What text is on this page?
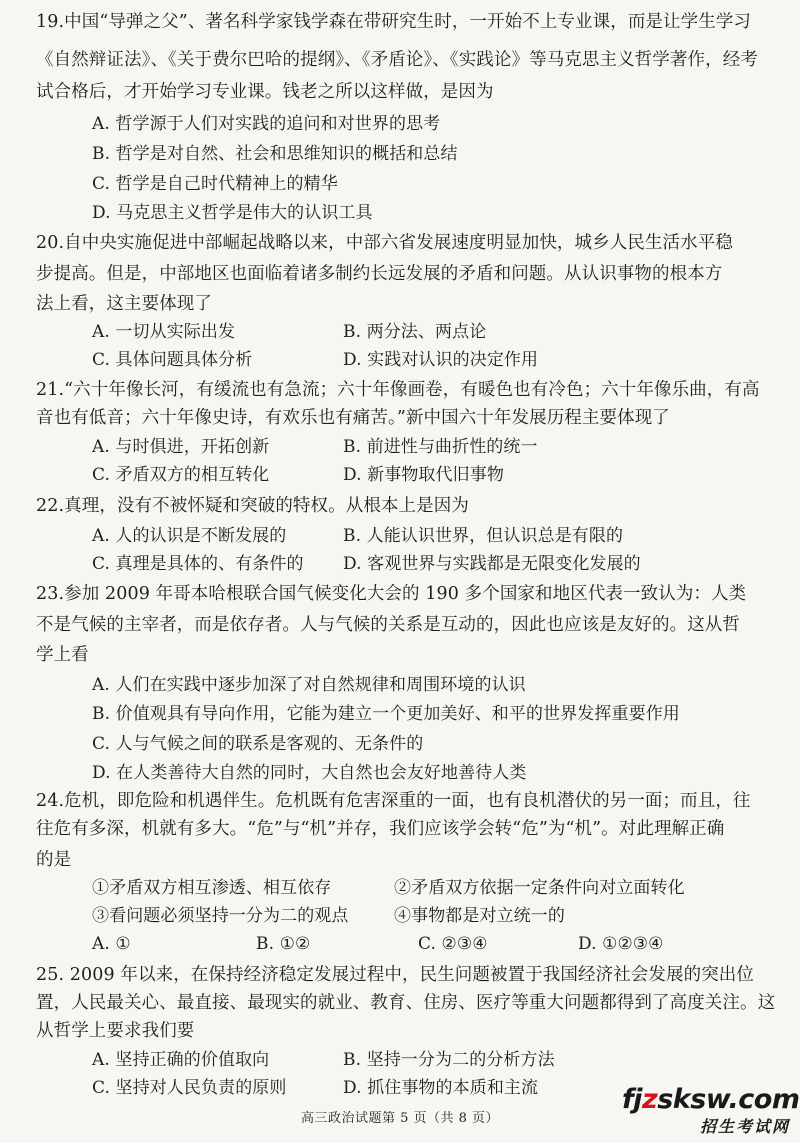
19.中国“导弹之父”、著名科学家钱学森在带研究生时，一开始不上专业课，而是让学生学习
《自然辩证法》、《关于费尔巴哈的提纲》、《矛盾论》、《实践论》等马克思主义哲学著作，经考
试合格后，才开始学习专业课。钱老之所以这样做，是因为
A. 哲学源于人们对实践的追问和对世界的思考
B. 哲学是对自然、社会和思维知识的概括和总结
C. 哲学是自己时代精神上的精华
D. 马克思主义哲学是伟大的认识工具
20.自中央实施促进中部崛起战略以来，中部六省发展速度明显加快，城乡人民生活水平稳
步提高。但是，中部地区也面临着诸多制约长远发展的矛盾和问题。从认识事物的根本方
法上看，这主要体现了
A. 一切从实际出发	B. 两分法、两点论
C. 具体问题具体分析	D. 实践对认识的决定作用
21.“六十年像长河，有缓流也有急流；六十年像画卷，有暖色也有冷色；六十年像乐曲，有高
音也有低音；六十年像史诗，有欢乐也有痛苦。”新中国六十年发展历程主要体现了
A. 与时俱进，开拓创新	B. 前进性与曲折性的统一
C. 矛盾双方的相互转化	D. 新事物取代旧事物
22.真理，没有不被怀疑和突破的特权。从根本上是因为
A. 人的认识是不断发展的	B. 人能认识世界，但认识总是有限的
C. 真理是具体的、有条件的 D. 客观世界与实践都是无限变化发展的
23.参加 2009 年哥本哈根联合国气候变化大会的 190 多个国家和地区代表一致认为：人类
不是气候的主宰者，而是依存者。人与气候的关系是互动的，因此也应该是友好的。这从哲
学上看
A. 人们在实践中逐步加深了对自然规律和周围环境的认识
B. 价值观具有导向作用，它能为建立一个更加美好、和平的世界发挥重要作用
C. 人与气候之间的联系是客观的、无条件的
D. 在人类善待大自然的同时，大自然也会友好地善待人类
24.危机，即危险和机遇伴生。危机既有危害深重的一面，也有良机潜伏的另一面；而且，往
往危有多深，机就有多大。“危”与“机”并存，我们应该学会转“危”为“机”。对此理解正确
的是
①矛盾双方相互渗透、相互依存	②矛盾双方依据一定条件向对立面转化
③看问题必须坚持一分为二的观点	④事物都是对立统一的
A. ①	B. ①②	C. ②③④	D. ①②③④
25. 2009 年以来，在保持经济稳定发展过程中，民生问题被置于我国经济社会发展的突出位
置，人民最关心、最直接、最现实的就业、教育、住房、医疗等重大问题都得到了高度关注。这
从哲学上要求我们要
A. 坚持正确的价值取向	B. 坚持一分为二的分析方法
C. 坚持对人民负责的原则	D. 抓住事物的本质和主流
高三政治试题第 5 页（共 8 页）
fjzsksw.com
招生考试网
